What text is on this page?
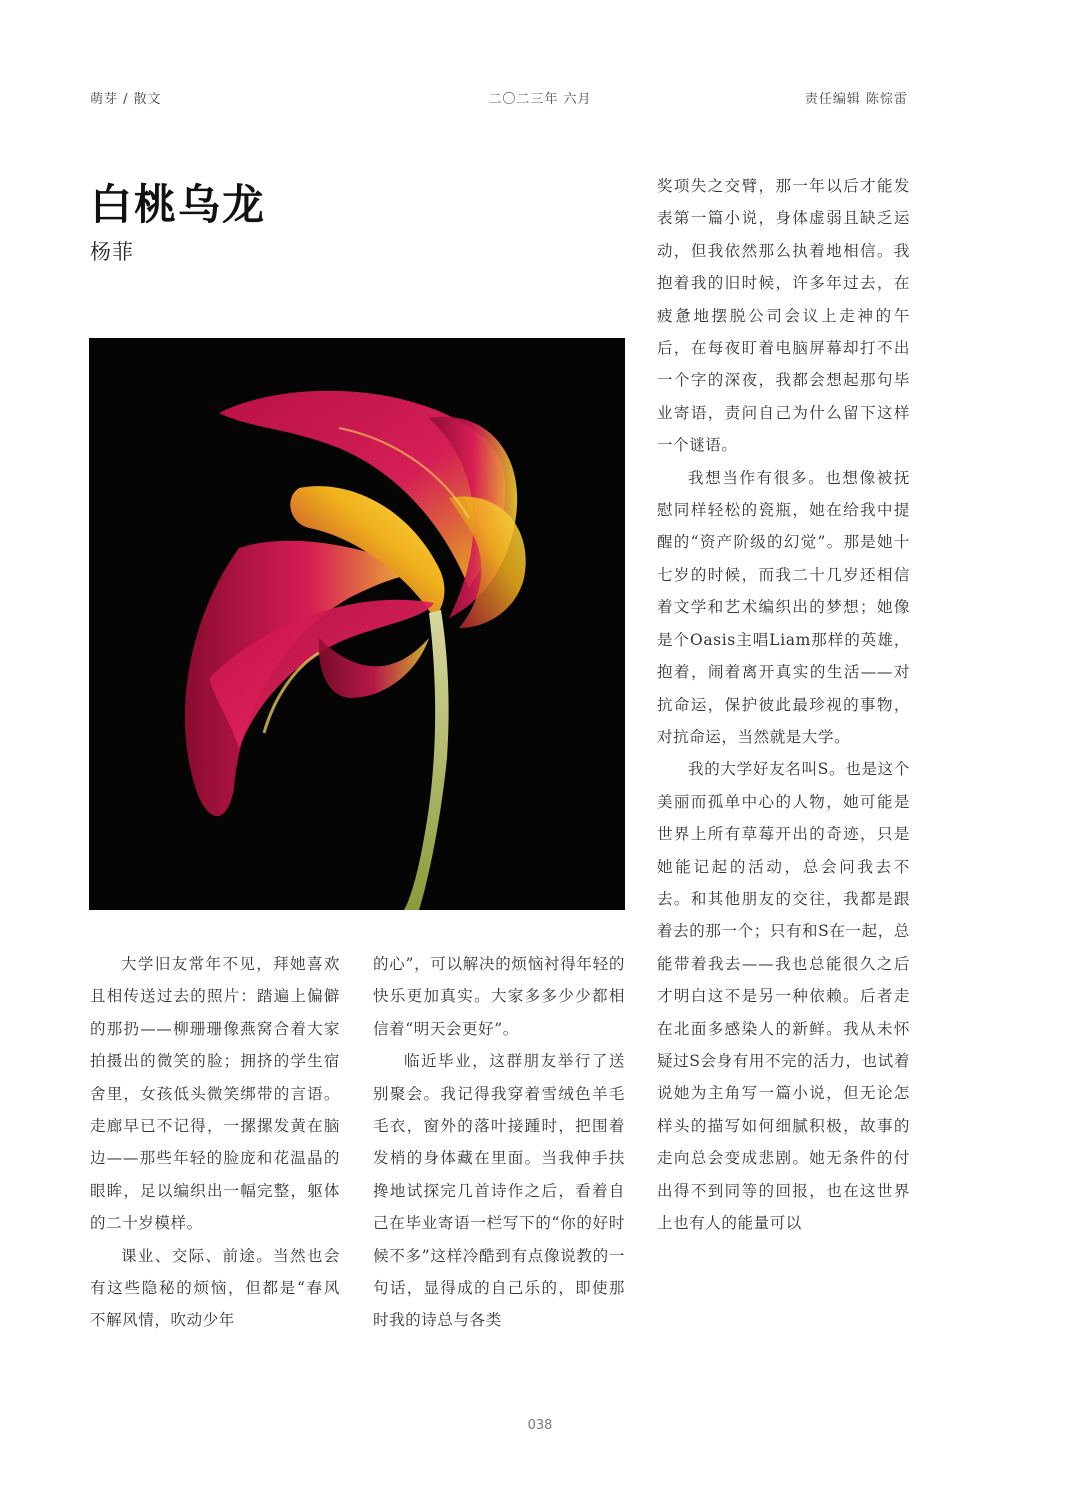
萌芽 / 散文	二〇二三年 六月	责任编辑 陈悰雷
白桃乌龙
杨菲

大学旧友常年不见，拜她喜欢且相传送过去的照片：踏遍上偏僻的那扔——柳珊珊像燕窝合着大家拍摄出的微笑的脸；拥挤的学生宿舍里，女孩低头微笑绑带的言语。走廊早已不记得，一摞摞发黄在脑边——那些年轻的脸庞和花温晶的眼眸，足以编织出一幅完整，躯体的二十岁模样。

课业、交际、前途。当然也会有这些隐秘的烦恼，但都是“春风不解风情，吹动少年

的心”，可以解决的烦恼衬得年轻的快乐更加真实。大家多多少少都相信着“明天会更好”。

临近毕业，这群朋友举行了送别聚会。我记得我穿着雪绒色羊毛毛衣，窗外的落叶接踵时，把围着发梢的身体藏在里面。当我伸手扶搀地试探完几首诗作之后，看着自己在毕业寄语一栏写下的“你的好时候不多”这样冷酷到有点像说教的一句话，显得成的自己乐的，即使那时我的诗总与各类

奖项失之交臂，那一年以后才能发表第一篇小说，身体虚弱且缺乏运动，但我依然那么执着地相信。我抱着我的旧时候，许多年过去，在疲惫地摆脱公司会议上走神的午后，在每夜盯着电脑屏幕却打不出一个字的深夜，我都会想起那句毕业寄语，责问自己为什么留下这样一个谜语。

我想当作有很多。也想像被抚慰同样轻松的瓷瓶，她在给我中提醒的“资产阶级的幻觉”。那是她十七岁的时候，而我二十几岁还相信着文学和艺术编织出的梦想；她像是个Oasis主唱Liam那样的英雄，抱着，闹着离开真实的生活——对抗命运，保护彼此最珍视的事物，对抗命运，当然就是大学。

我的大学好友名叫S。也是这个美丽而孤单中心的人物，她可能是世界上所有草莓开出的奇迹，只是她能记起的活动，总会问我去不去。和其他朋友的交往，我都是跟着去的那一个；只有和S在一起，总能带着我去——我也总能很久之后才明白这不是另一种依赖。后者走在北面多感染人的新鲜。我从未怀疑过S会身有用不完的活力，也试着说她为主角写一篇小说，但无论怎样头的描写如何细腻积极，故事的走向总会变成悲剧。她无条件的付出得不到同等的回报，也在这世界上也有人的能量可以

038
